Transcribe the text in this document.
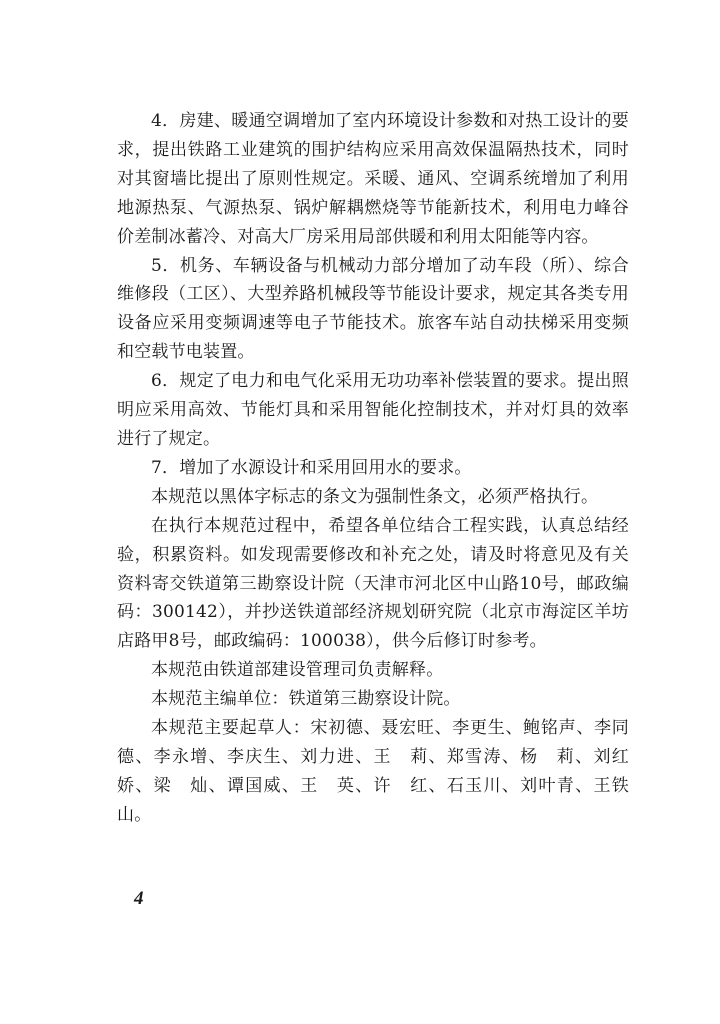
4．房建、暖通空调增加了室内环境设计参数和对热工设计的要求，提出铁路工业建筑的围护结构应采用高效保温隔热技术，同时对其窗墙比提出了原则性规定。采暖、通风、空调系统增加了利用地源热泵、气源热泵、锅炉解耦燃烧等节能新技术，利用电力峰谷价差制冰蓄冷、对高大厂房采用局部供暖和利用太阳能等内容。

5．机务、车辆设备与机械动力部分增加了动车段（所）、综合维修段（工区）、大型养路机械段等节能设计要求，规定其各类专用设备应采用变频调速等电子节能技术。旅客车站自动扶梯采用变频和空载节电装置。

6．规定了电力和电气化采用无功功率补偿装置的要求。提出照明应采用高效、节能灯具和采用智能化控制技术，并对灯具的效率进行了规定。

7．增加了水源设计和采用回用水的要求。

本规范以黑体字标志的条文为强制性条文，必须严格执行。

在执行本规范过程中，希望各单位结合工程实践，认真总结经验，积累资料。如发现需要修改和补充之处，请及时将意见及有关资料寄交铁道第三勘察设计院（天津市河北区中山路10号，邮政编码：300142），并抄送铁道部经济规划研究院（北京市海淀区羊坊店路甲8号，邮政编码：100038），供今后修订时参考。

本规范由铁道部建设管理司负责解释。

本规范主编单位：铁道第三勘察设计院。

本规范主要起草人：宋初德、聂宏旺、李更生、鲍铭声、李同德、李永增、李庆生、刘力进、王　莉、郑雪涛、杨　莉、刘红娇、梁　灿、谭国威、王　英、许　红、石玉川、刘叶青、王铁山。

4
